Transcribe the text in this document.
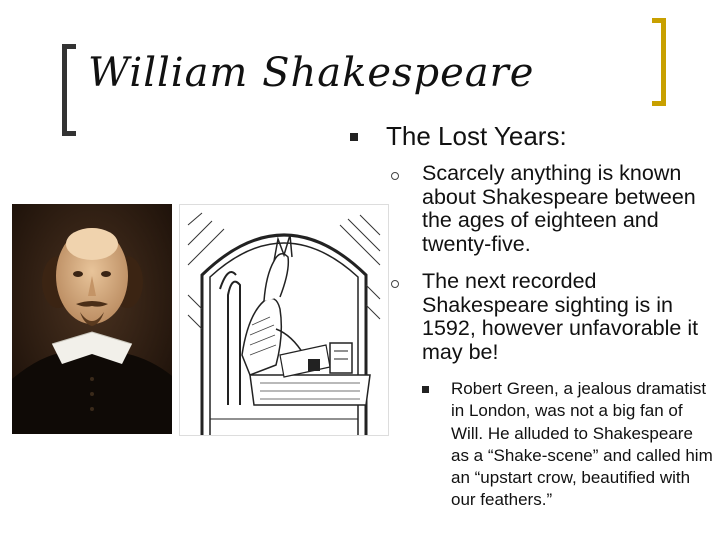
William Shakespeare
The Lost Years:
Scarcely anything is known about Shakespeare between the ages of eighteen and twenty-five.
The next recorded Shakespeare sighting is in 1592, however unfavorable it may be!
Robert Green, a jealous dramatist in London, was not a big fan of Will. He alluded to Shakespeare as a “Shake-scene” and called him an “upstart crow, beautified with our feathers.”
